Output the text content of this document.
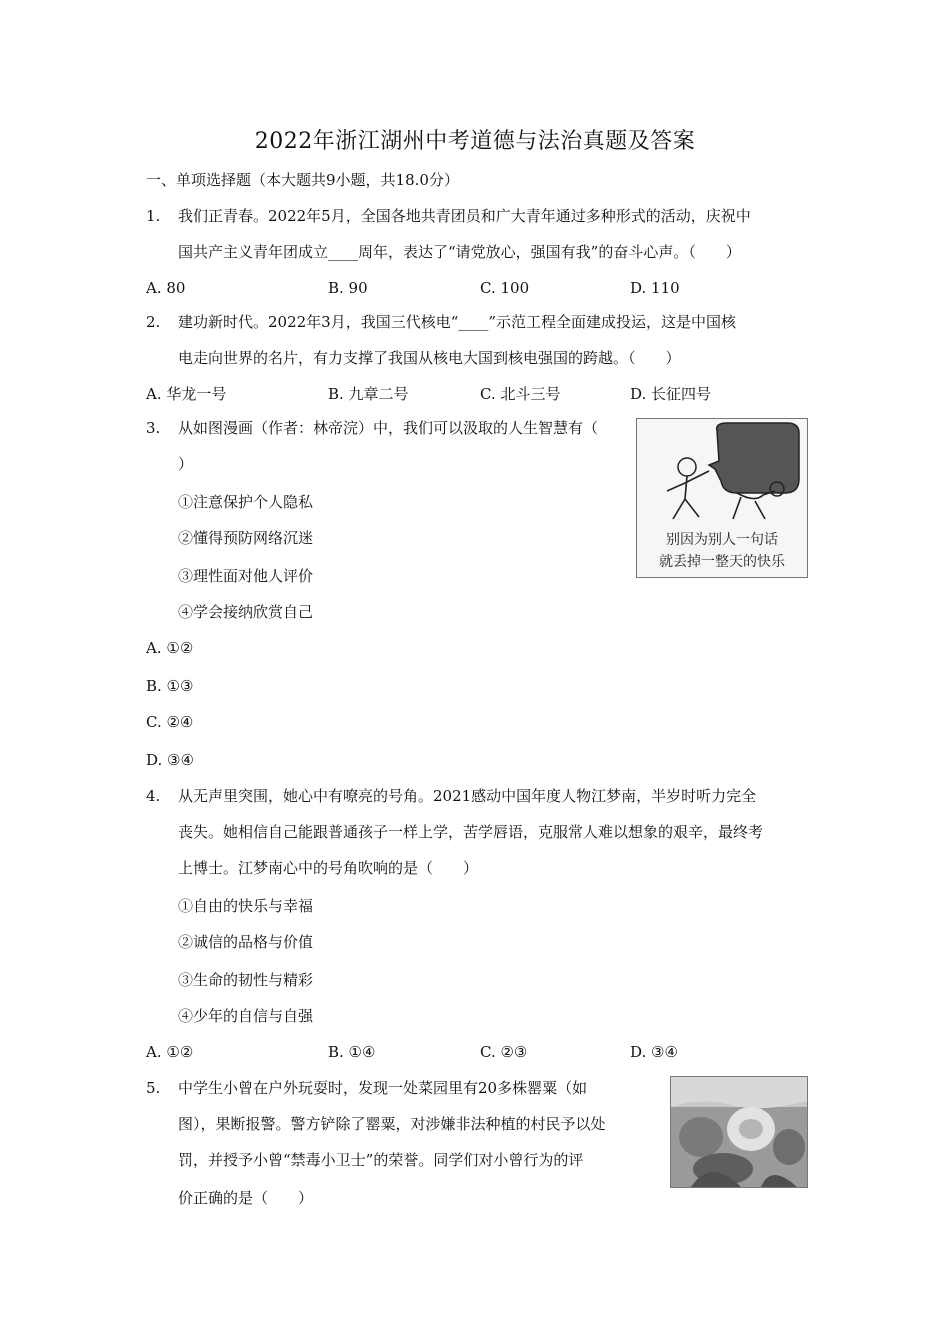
2022年浙江湖州中考道德与法治真题及答案
一、单项选择题（本大题共9小题，共18.0分）
1. 我们正青春。2022年5月，全国各地共青团员和广大青年通过多种形式的活动，庆祝中
国共产主义青年团成立____周年，表达了“请党放心，强国有我”的奋斗心声。（　　）
A. 80	B. 90	C. 100	D. 110
2. 建功新时代。2022年3月，我国三代核电“____”示范工程全面建成投运，这是中国核
电走向世界的名片，有力支撑了我国从核电大国到核电强国的跨越。（　　）
A. 华龙一号	B. 九章二号	C. 北斗三号	D. 长征四号
3. 从如图漫画（作者：林帝浣）中，我们可以汲取的人生智慧有（
）
①注意保护个人隐私
②懂得预防网络沉迷
③理性面对他人评价
④学会接纳欣赏自己
A. ①②
B. ①③
C. ②④
D. ③④
别因为别人一句话
就丢掉一整天的快乐
4. 从无声里突围，她心中有嘹亮的号角。2021感动中国年度人物江梦南，半岁时听力完全
丧失。她相信自己能跟普通孩子一样上学，苦学唇语，克服常人难以想象的艰辛，最终考
上博士。江梦南心中的号角吹响的是（　　）
①自由的快乐与幸福
②诚信的品格与价值
③生命的韧性与精彩
④少年的自信与自强
A. ①②	B. ①④	C. ②③	D. ③④
5. 中学生小曾在户外玩耍时，发现一处菜园里有20多株罂粟（如
图），果断报警。警方铲除了罂粟，对涉嫌非法种植的村民予以处
罚，并授予小曾“禁毒小卫士”的荣誉。同学们对小曾行为的评
价正确的是（　　）
